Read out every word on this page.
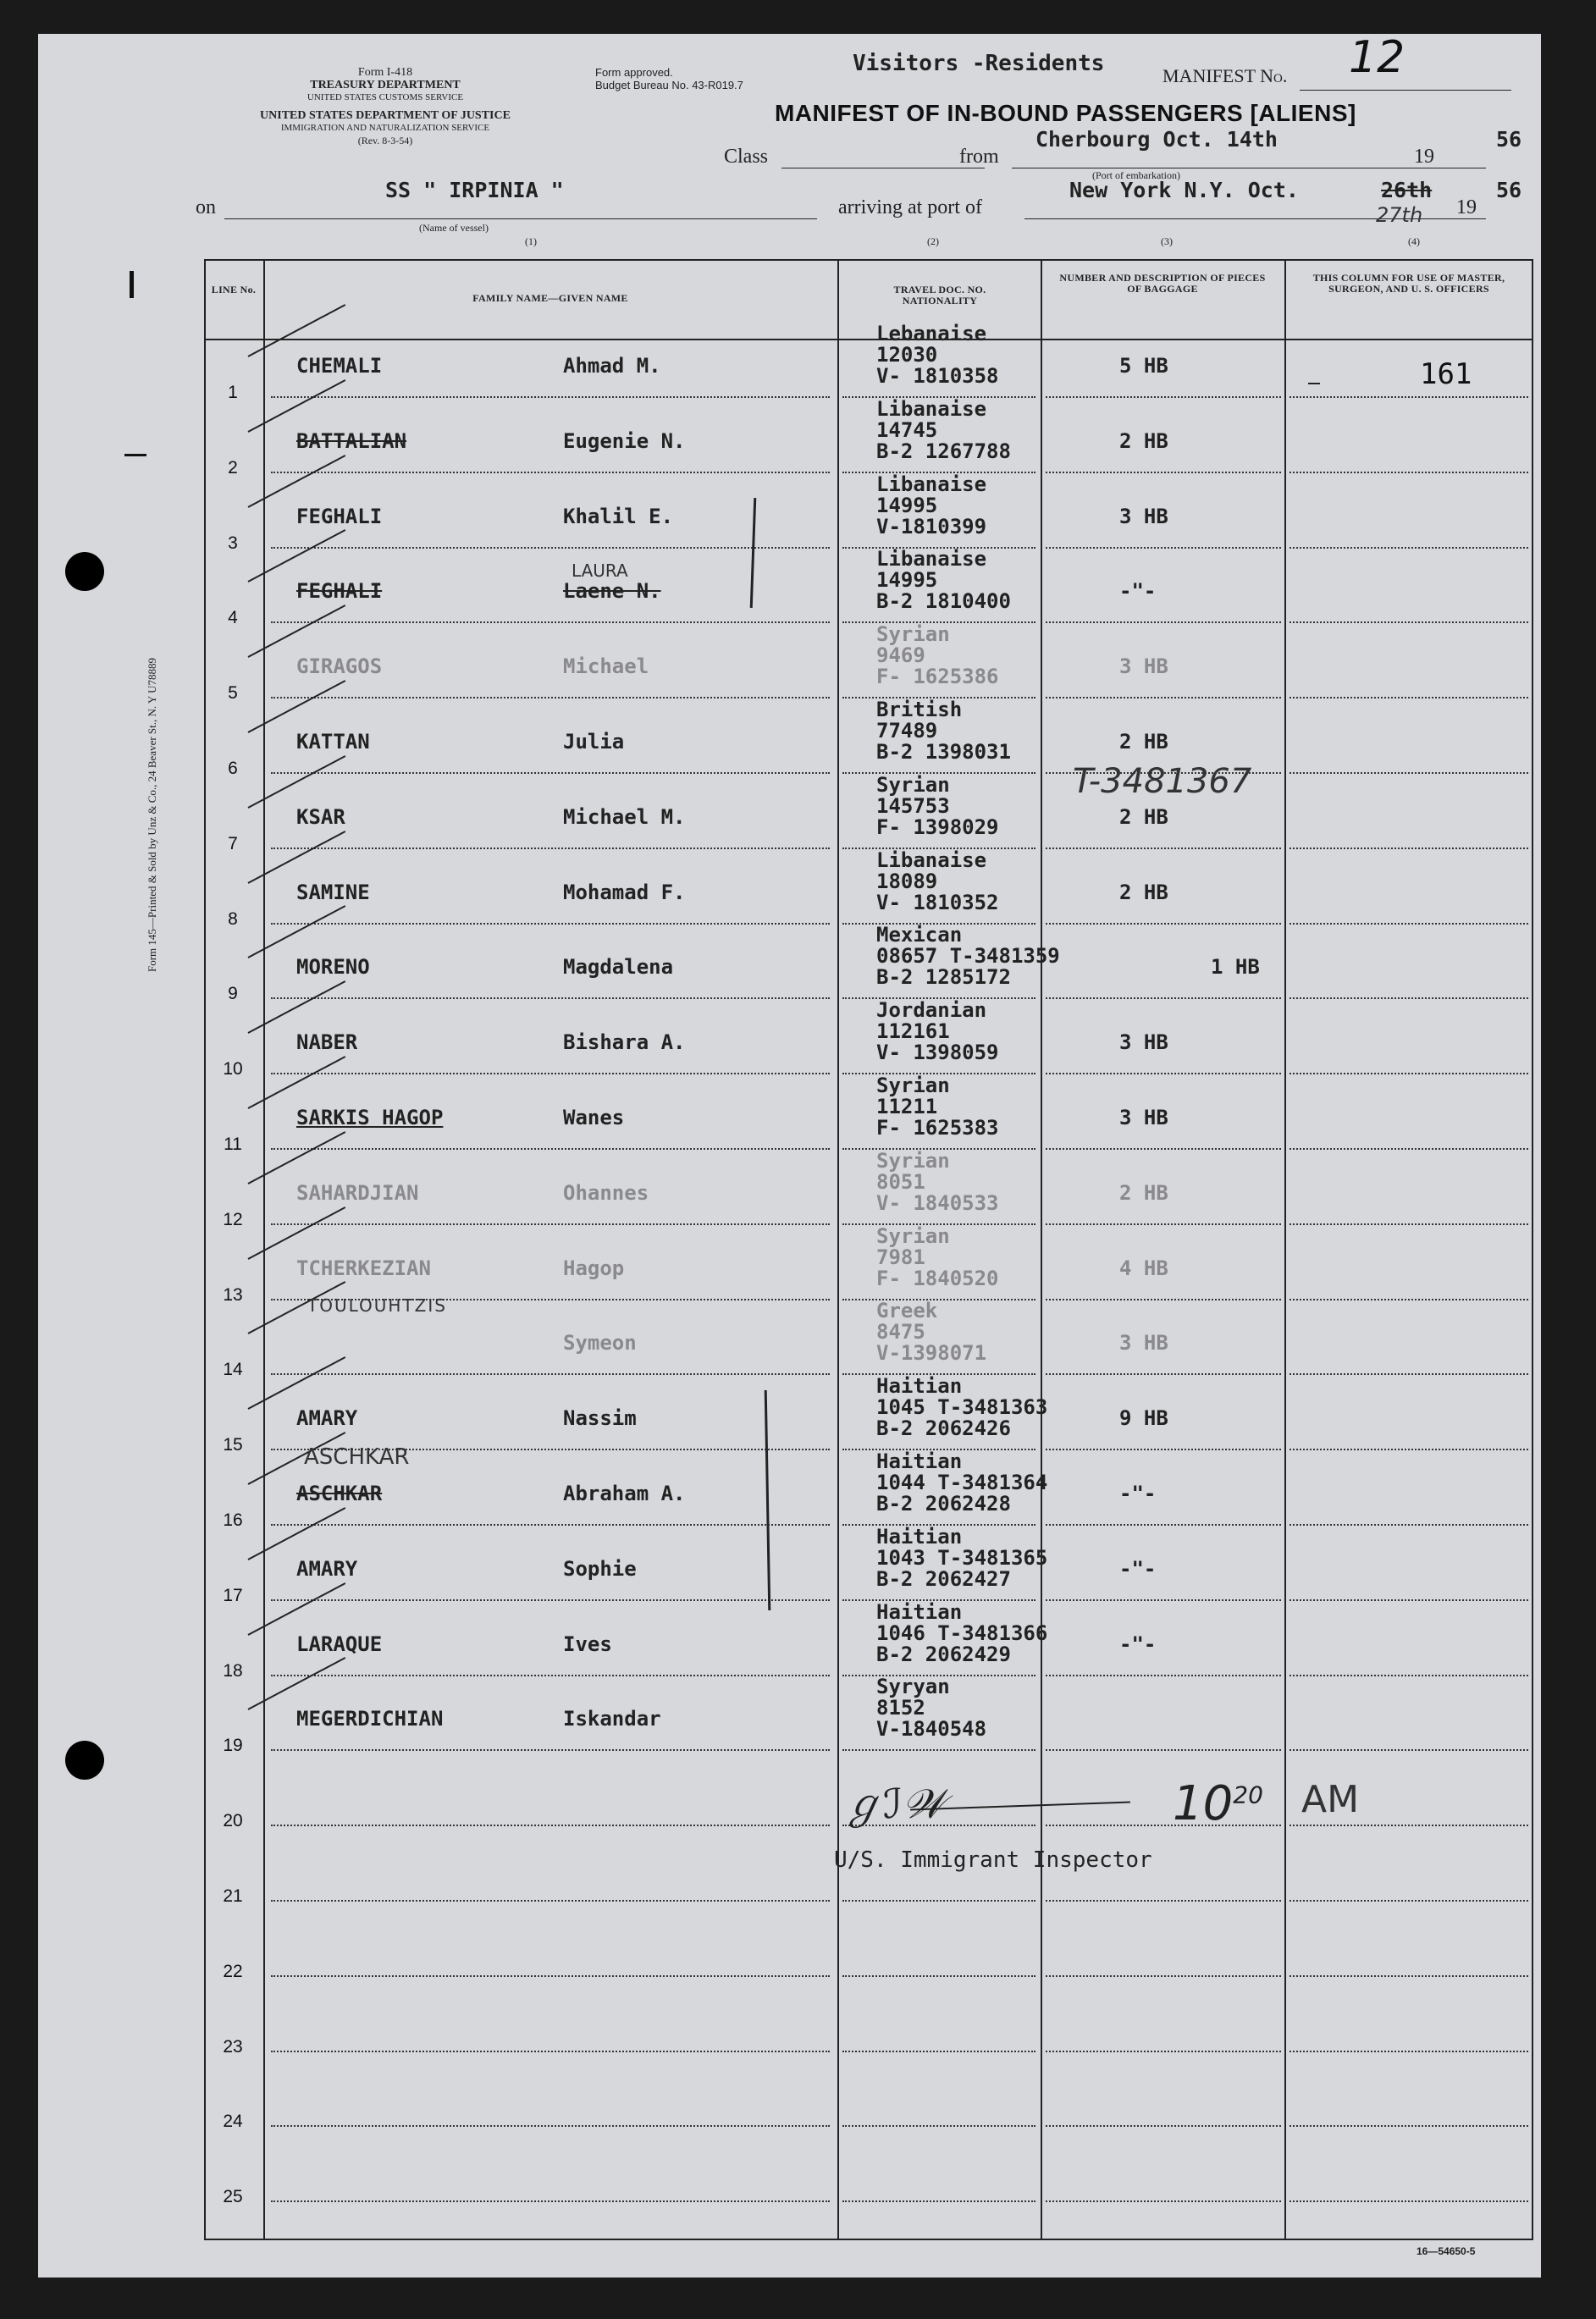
Form 145—Printed & Sold by Unz & Co., 24 Beaver St., N. Y U78889
Form I-418
TREASURY DEPARTMENT
UNITED STATES CUSTOMS SERVICE
UNITED STATES DEPARTMENT OF JUSTICE
IMMIGRATION AND NATURALIZATION SERVICE
(Rev. 8-3-54)
Form approved.
Budget Bureau No. 43-R019.7
Visitors -Residents	MANIFEST No. 12
MANIFEST OF IN-BOUND PASSENGERS [ALIENS]
Class	from
Cherbourg Oct. 14th
19
56
(Port of embarkation)
on
SS " IRPINIA "
(Name of vessel)
(1)
arriving at port of
New York N.Y. Oct.	26th
27th 19
56
(2)	(3)	(4)
LINE No.
FAMILY NAME—GIVEN NAME
TRAVEL DOC. NO. NATIONALITY
NUMBER AND DESCRIPTION OF PIECES OF BAGGAGE
THIS COLUMN FOR USE OF MASTER, SURGEON, AND U. S. OFFICERS
161
1
CHEMALI	Ahmad M.
Lebanaise
12030
V- 1810358	5 HB
2
BATTALIAN	Eugenie N.
Libanaise
14745
B-2 1267788	2 HB
3
FEGHALI	Khalil E.
Libanaise
14995
V-1810399	3 HB
4
FEGHALI	Laene N.
Libanaise
14995
B-2 1810400	-"-
5
GIRAGOS	Michael
Syrian
9469
F- 1625386	3 HB
6
KATTAN	Julia
British
77489
B-2 1398031	2 HB
7
KSAR	Michael M.
Syrian
145753
F- 1398029	2 HB
8
SAMINE	Mohamad F.
Libanaise
18089
V- 1810352	2 HB
9
MORENO	Magdalena
Mexican
08657 T-3481359
B-2 1285172	1 HB
10
NABER	Bishara A.
Jordanian
112161
V- 1398059	3 HB
11
SARKIS HAGOP	Wanes
Syrian
11211
F- 1625383	3 HB
12
SAHARDJIAN	Ohannes
Syrian
8051
V- 1840533	2 HB
13
TCHERKEZIAN	Hagop
Syrian
7981
F- 1840520	4 HB
14
Symeon
Greek
8475
V-1398071	3 HB
15
AMARY	Nassim
Haitian
1045 T-3481363
B-2 2062426	9 HB
16
ASCHKAR	Abraham A.
Haitian
1044 T-3481364
B-2 2062428	-"-
17
AMARY	Sophie
Haitian
1043 T-3481365
B-2 2062427	-"-
18
LARAQUE	Ives
Haitian
1046 T-3481366
B-2 2062429	-"-
19
MEGERDICHIAN	Iskandar
Syryan
8152
V-1840548
20
21
22
23
24
25
LAURA
TOULOUHTZIS
ASCHKAR
T-3481367
ℊℐ𝒲	$10^{20}$ AM
U/S. Immigrant Inspector
16—54650-5
